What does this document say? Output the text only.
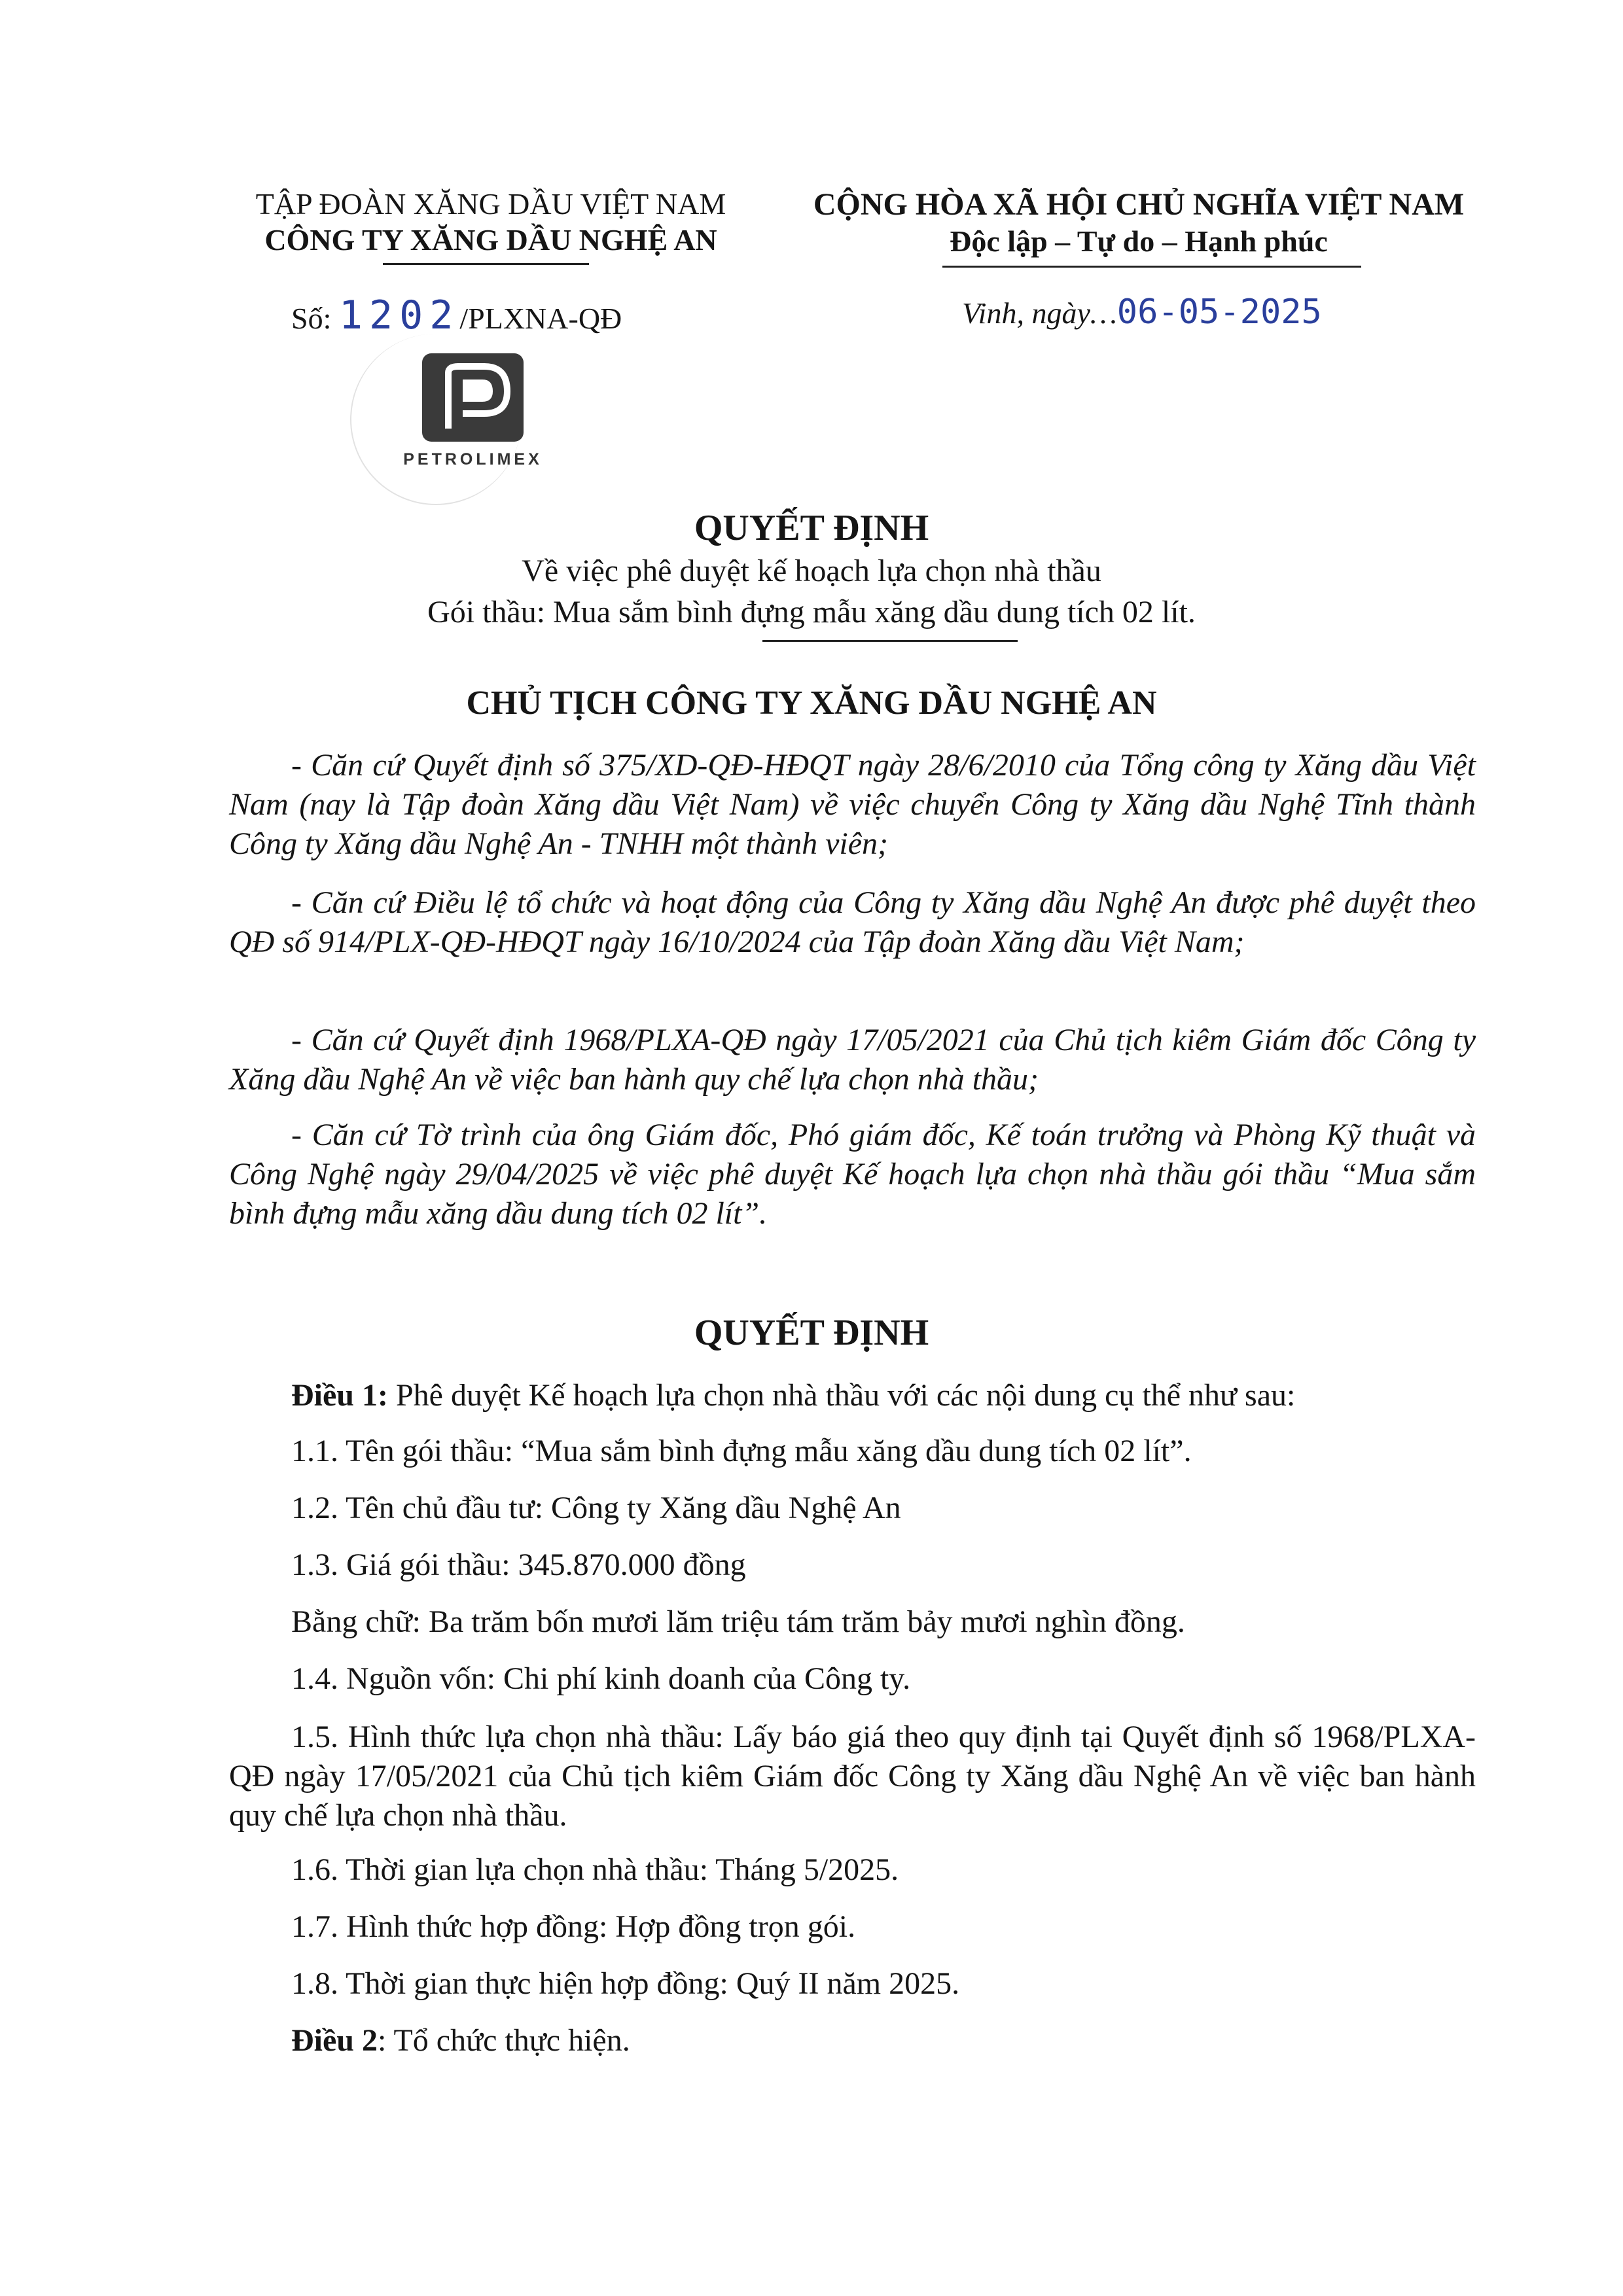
TẬP ĐOÀN XĂNG DẦU VIỆT NAM
CÔNG TY XĂNG DẦU NGHỆ AN
Số: 1202/PLXNA-QĐ
PETROLIMEX
CỘNG HÒA XÃ HỘI CHỦ NGHĨA VIỆT NAM
Độc lập – Tự do – Hạnh phúc
Vinh, ngày…06-05-2025
QUYẾT ĐỊNH
Về việc phê duyệt kế hoạch lựa chọn nhà thầu
Gói thầu: Mua sắm bình đựng mẫu xăng dầu dung tích 02 lít.
CHỦ TỊCH CÔNG TY XĂNG DẦU NGHỆ AN
- Căn cứ Quyết định số 375/XD-QĐ-HĐQT ngày 28/6/2010 của Tổng công ty Xăng dầu Việt Nam (nay là Tập đoàn Xăng dầu Việt Nam) về việc chuyển Công ty Xăng dầu Nghệ Tĩnh thành Công ty Xăng dầu Nghệ An - TNHH một thành viên;
- Căn cứ Điều lệ tổ chức và hoạt động của Công ty Xăng dầu Nghệ An được phê duyệt theo QĐ số 914/PLX-QĐ-HĐQT ngày 16/10/2024 của Tập đoàn Xăng dầu Việt Nam;
- Căn cứ Quyết định 1968/PLXA-QĐ ngày 17/05/2021 của Chủ tịch kiêm Giám đốc Công ty Xăng dầu Nghệ An về việc ban hành quy chế lựa chọn nhà thầu;
- Căn cứ Tờ trình của ông Giám đốc, Phó giám đốc, Kế toán trưởng và Phòng Kỹ thuật và Công Nghệ ngày 29/04/2025 về việc phê duyệt Kế hoạch lựa chọn nhà thầu gói thầu “Mua sắm bình đựng mẫu xăng dầu dung tích 02 lít”.
QUYẾT ĐỊNH
Điều 1: Phê duyệt Kế hoạch lựa chọn nhà thầu với các nội dung cụ thể như sau:
1.1. Tên gói thầu: “Mua sắm bình đựng mẫu xăng dầu dung tích 02 lít”.
1.2. Tên chủ đầu tư: Công ty Xăng dầu Nghệ An
1.3. Giá gói thầu: 345.870.000 đồng
Bằng chữ: Ba trăm bốn mươi lăm triệu tám trăm bảy mươi nghìn đồng.
1.4. Nguồn vốn: Chi phí kinh doanh của Công ty.
1.5. Hình thức lựa chọn nhà thầu: Lấy báo giá theo quy định tại Quyết định số 1968/PLXA-QĐ ngày 17/05/2021 của Chủ tịch kiêm Giám đốc Công ty Xăng dầu Nghệ An về việc ban hành quy chế lựa chọn nhà thầu.
1.6. Thời gian lựa chọn nhà thầu: Tháng 5/2025.
1.7. Hình thức hợp đồng: Hợp đồng trọn gói.
1.8. Thời gian thực hiện hợp đồng: Quý II năm 2025.
Điều 2: Tổ chức thực hiện.
